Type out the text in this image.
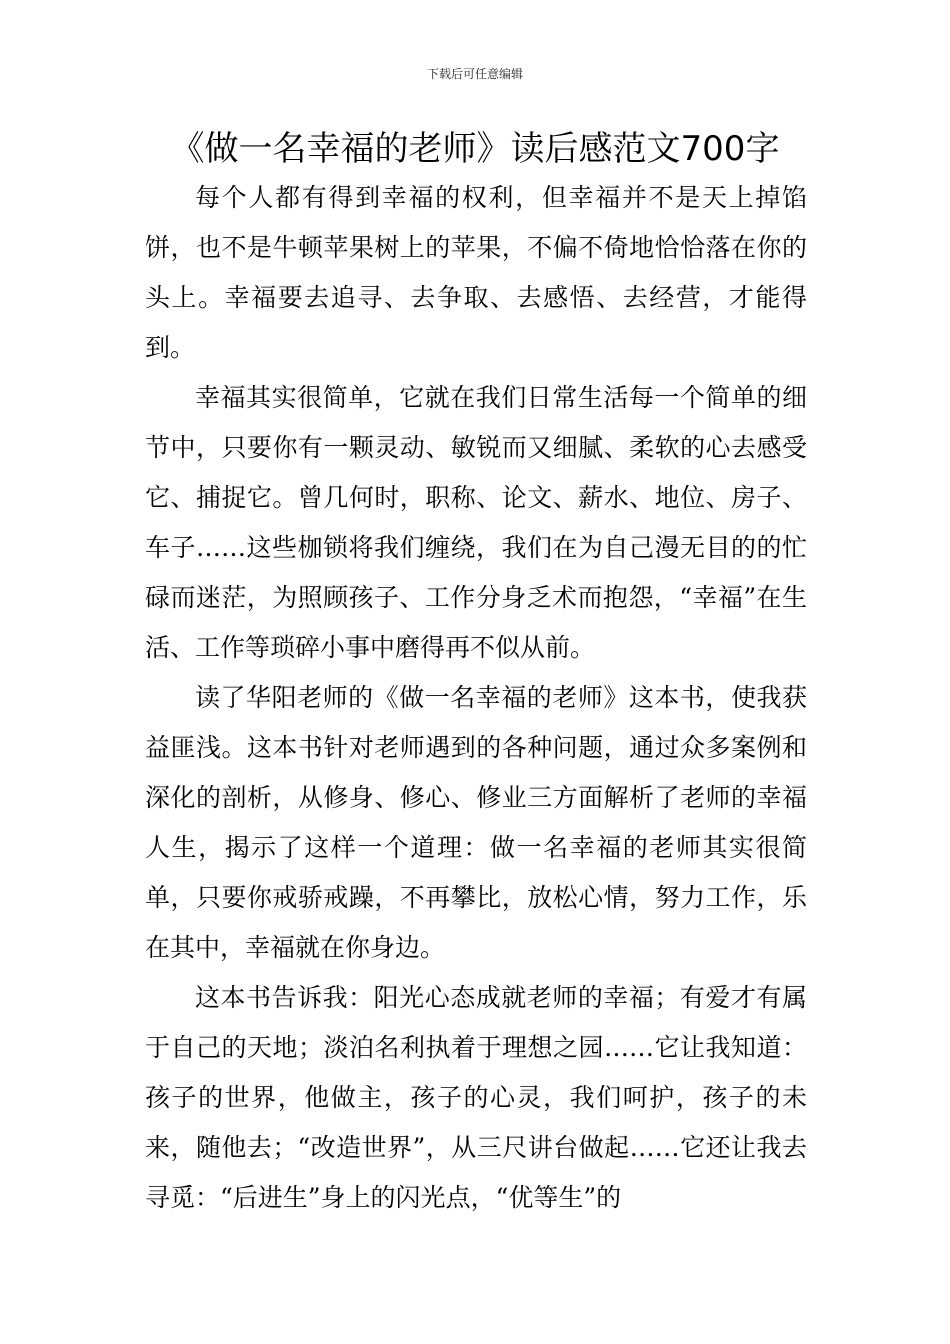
下载后可任意编辑
《做一名幸福的老师》读后感范文700字

每个人都有得到幸福的权利，但幸福并不是天上掉馅饼，也不是牛顿苹果树上的苹果，不偏不倚地恰恰落在你的头上。幸福要去追寻、去争取、去感悟、去经营，才能得到。

幸福其实很简单，它就在我们日常生活每一个简单的细节中，只要你有一颗灵动、敏锐而又细腻、柔软的心去感受它、捕捉它。曾几何时，职称、论文、薪水、地位、房子、车子……这些枷锁将我们缠绕，我们在为自己漫无目的的忙碌而迷茫，为照顾孩子、工作分身乏术而抱怨，“幸福”在生活、工作等琐碎小事中磨得再不似从前。

读了华阳老师的《做一名幸福的老师》这本书，使我获益匪浅。这本书针对老师遇到的各种问题，通过众多案例和深化的剖析，从修身、修心、修业三方面解析了老师的幸福人生，揭示了这样一个道理：做一名幸福的老师其实很简单，只要你戒骄戒躁，不再攀比，放松心情，努力工作，乐在其中，幸福就在你身边。

这本书告诉我：阳光心态成就老师的幸福；有爱才有属于自己的天地；淡泊名利执着于理想之园……它让我知道：孩子的世界，他做主，孩子的心灵，我们呵护，孩子的未来，随他去；“改造世界”，从三尺讲台做起……它还让我去寻觅：“后进生”身上的闪光点，“优等生”的
